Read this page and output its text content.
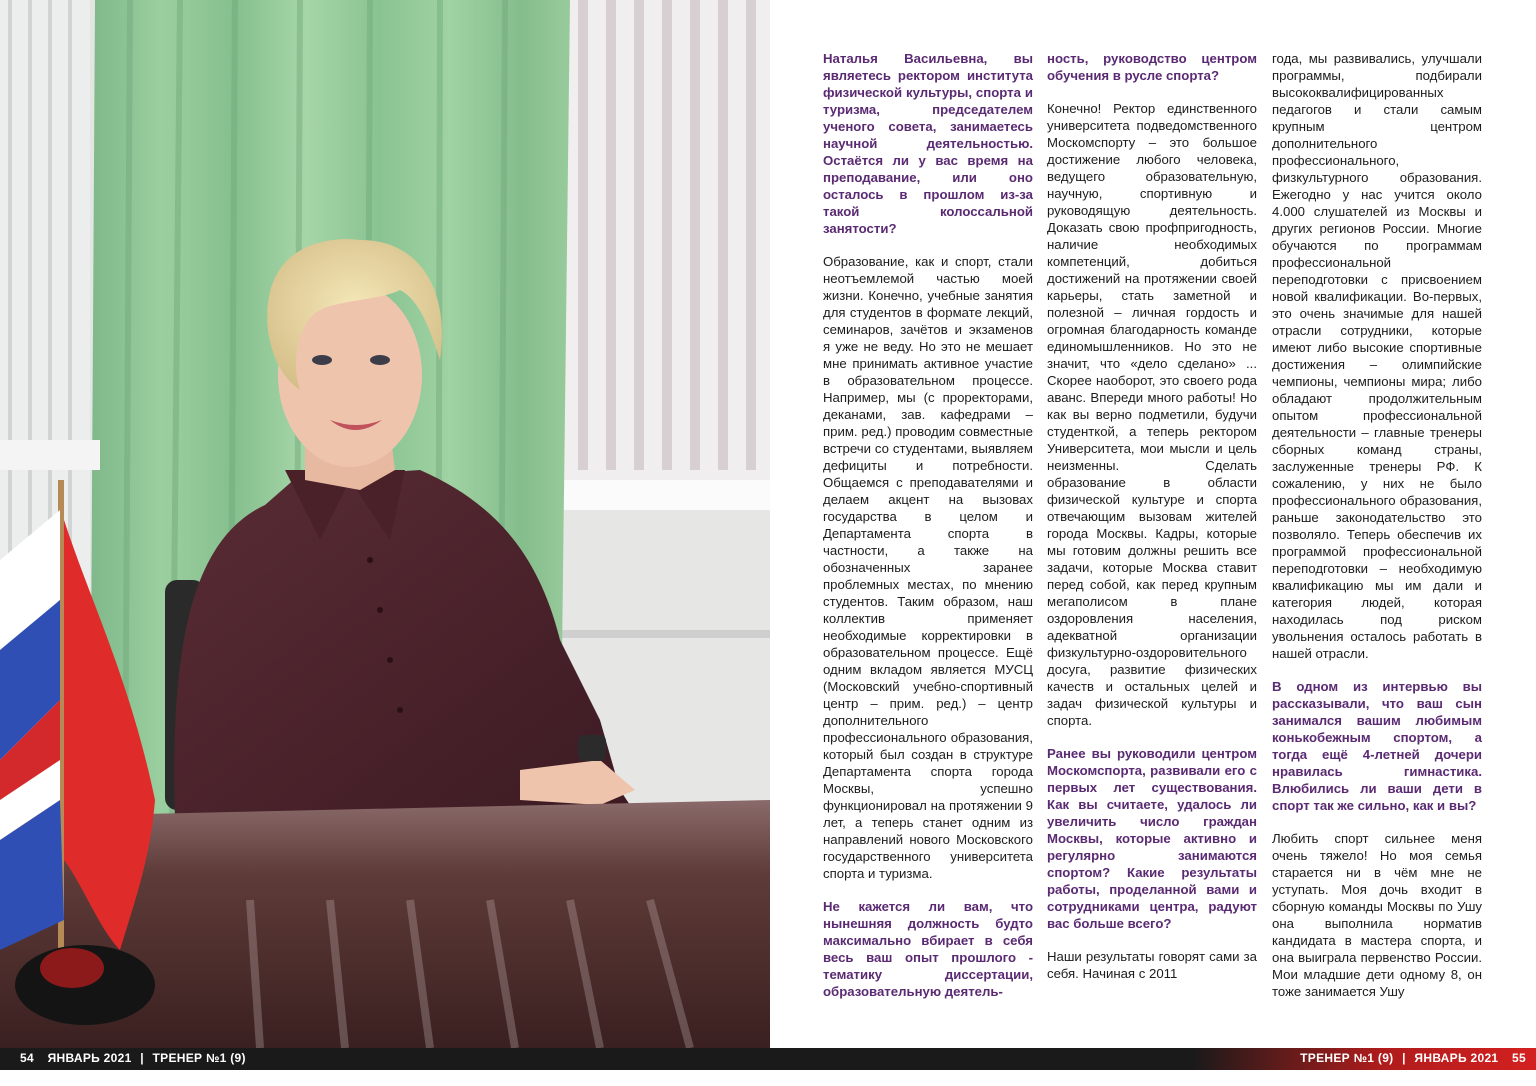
Наталья Васильевна, вы являетесь ректором института физической культуры, спорта и туризма, председателем ученого совета, занимаетесь научной деятельностью. Остаётся ли у вас время на преподавание, или оно осталось в прошлом из-за такой колоссальной занятости?

Образование, как и спорт, стали неотъемлемой частью моей жизни. Конечно, учебные занятия для студентов в формате лекций, семинаров, зачётов и экзаменов я уже не веду. Но это не мешает мне принимать активное участие в образовательном процессе. Например, мы (с проректорами, деканами, зав. кафедрами – прим. ред.) проводим совместные встречи со студентами, выявляем дефициты и потребности. Общаемся с преподавателями и делаем акцент на вызовах государства в целом и Департамента спорта в частности, а также на обозначенных заранее проблемных местах, по мнению студентов. Таким образом, наш коллектив применяет необходимые корректировки в образовательном процессе. Ещё одним вкладом является МУСЦ (Московский учебно-спортивный центр – прим. ред.) – центр дополнительного профессионального образования, который был создан в структуре Департамента спорта города Москвы, успешно функционировал на протяжении 9 лет, а теперь станет одним из направлений нового Московского государственного университета спорта и туризма.

Не кажется ли вам, что нынешняя должность будто максимально вбирает в себя весь ваш опыт прошлого - тематику диссертации, образовательную деятель-

ность, руководство центром обучения в русле спорта?

Конечно! Ректор единственного университета подведомственного Москомспорту – это большое достижение любого человека, ведущего образовательную, научную, спортивную и руководящую деятельность. Доказать свою профпригодность, наличие необходимых компетенций, добиться достижений на протяжении своей карьеры, стать заметной и полезной – личная гордость и огромная благодарность команде единомышленников. Но это не значит, что «дело сделано» ... Скорее наоборот, это своего рода аванс. Впереди много работы! Но как вы верно подметили, будучи студенткой, а теперь ректором Университета, мои мысли и цель неизменны. Сделать образование в области физической культуре и спорта отвечающим вызовам жителей города Москвы. Кадры, которые мы готовим должны решить все задачи, которые Москва ставит перед собой, как перед крупным мегаполисом в плане оздоровления населения, адекватной организации физкультурно-оздоровительного досуга, развитие физических качеств и остальных целей и задач физической культуры и спорта.

Ранее вы руководили центром Москомспорта, развивали его с первых лет существования. Как вы считаете, удалось ли увеличить число граждан Москвы, которые активно и регулярно занимаются спортом? Какие результаты работы, проделанной вами и сотрудниками центра, радуют вас больше всего?

Наши результаты говорят сами за себя. Начиная с 2011

года, мы развивались, улучшали программы, подбирали высококвалифицированных педагогов и стали самым крупным центром дополнительного профессионального, физкультурного образования. Ежегодно у нас учится около 4.000 слушателей из Москвы и других регионов России. Многие обучаются по программам профессиональной переподготовки с присвоением новой квалификации. Во-первых, это очень значимые для нашей отрасли сотрудники, которые имеют либо высокие спортивные достижения – олимпийские чемпионы, чемпионы мира; либо обладают продолжительным опытом профессиональной деятельности – главные тренеры сборных команд страны, заслуженные тренеры РФ. К сожалению, у них не было профессионального образования, раньше законодательство это позволяло. Теперь обеспечив их программой профессиональной переподготовки – необходимую квалификацию мы им дали и категория людей, которая находилась под риском увольнения осталось работать в нашей отрасли.

В одном из интервью вы рассказывали, что ваш сын занимался вашим любимым конькобежным спортом, а тогда ещё 4-летней дочери нравилась гимнастика. Влюбились ли ваши дети в спорт так же сильно, как и вы?

Любить спорт сильнее меня очень тяжело! Но моя семья старается ни в чём мне не уступать. Моя дочь входит в сборную команды Москвы по Ушу она выполнила норматив кандидата в мастера спорта, и она выиграла первенство России. Мои младшие дети одному 8, он тоже занимается Ушу

54 ЯНВАРЬ 2021 | ТРЕНЕР №1 (9)	ТРЕНЕР №1 (9) | ЯНВАРЬ 2021 55
